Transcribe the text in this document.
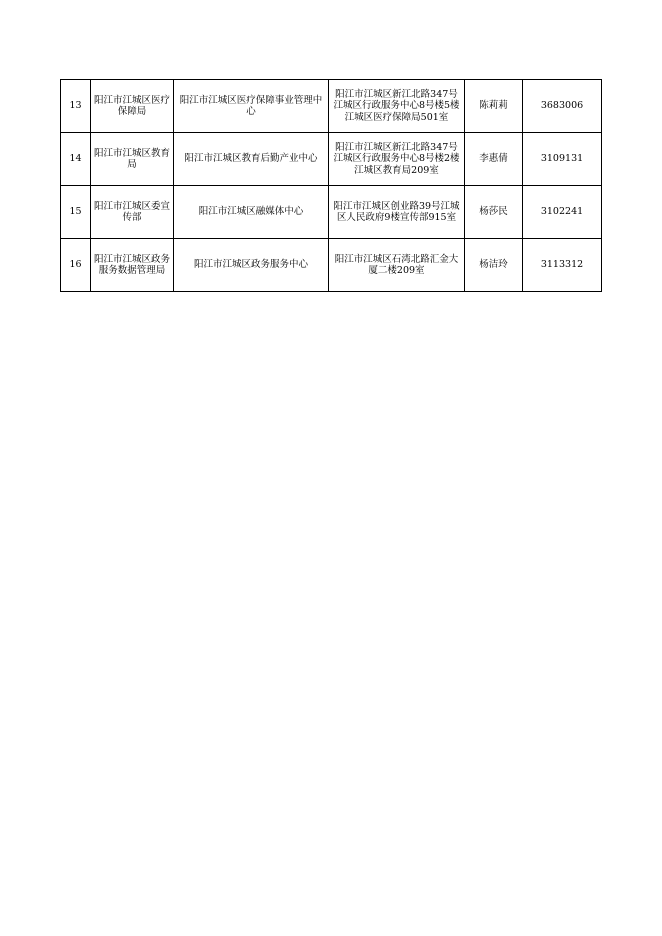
13	阳江市江城区医疗保障局	阳江市江城区医疗保障事业管理中心	阳江市江城区新江北路347号江城区行政服务中心8号楼5楼江城区医疗保障局501室	陈莉莉	3683006
14	阳江市江城区教育局	阳江市江城区教育后勤产业中心	阳江市江城区新江北路347号江城区行政服务中心8号楼2楼江城区教育局209室	李惠倩	3109131
15	阳江市江城区委宣传部	阳江市江城区融媒体中心	阳江市江城区创业路39号江城区人民政府9楼宣传部915室	杨莎民	3102241
16	阳江市江城区政务服务数据管理局	阳江市江城区政务服务中心	阳江市江城区石湾北路汇金大厦二楼209室	杨洁玲	3113312
